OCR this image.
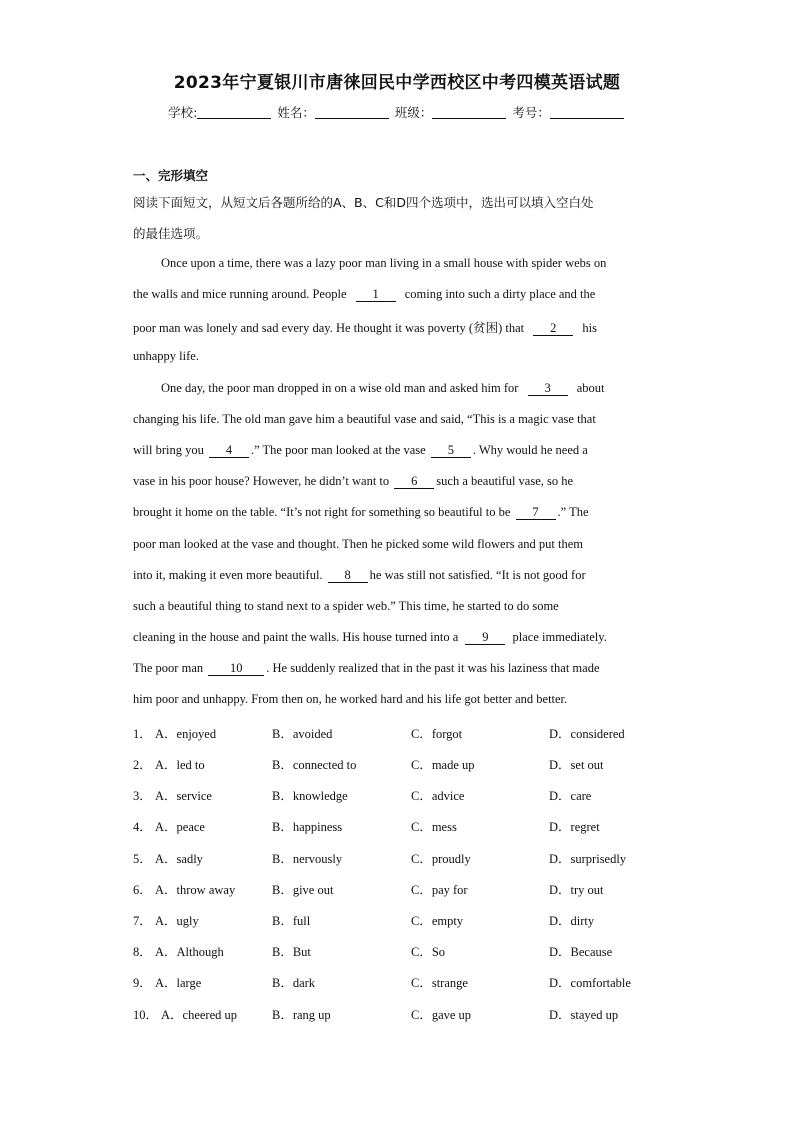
2023年宁夏银川市唐徕回民中学西校区中考四模英语试题
学校:	姓名：	班级：	考号：
一、完形填空
阅读下面短文，从短文后各题所给的A、B、C和D四个选项中，选出可以填入空白处
的最佳选项。
Once upon a time, there was a lazy poor man living in a small house with spider webs on
the walls and mice running around. People 1 coming into such a dirty place and the
poor man was lonely and sad every day. He thought it was poverty (贫困) that 2 his
unhappy life.
One day, the poor man dropped in on a wise old man and asked him for 3 about
changing his life. The old man gave him a beautiful vase and said, “This is a magic vase that
will bring you 4 .” The poor man looked at the vase 5 . Why would he need a
vase in his poor house? However, he didn’t want to 6 such a beautiful vase, so he
brought it home on the table. “It’s not right for something so beautiful to be 7 .” The
poor man looked at the vase and thought. Then he picked some wild flowers and put them
into it, making it even more beautiful. 8 he was still not satisfied. “It is not good for
such a beautiful thing to stand next to a spider web.” This time, he started to do some
cleaning in the house and paint the walls. His house turned into a 9 place immediately.
The poor man 10 . He suddenly realized that in the past it was his laziness that made
him poor and unhappy. From then on, he worked hard and his life got better and better.
1． A．enjoyed	B．avoided	C．forgot	D．considered
2． A．led to	B．connected to	C．made up	D．set out
3． A．service	B．knowledge	C．advice	D．care
4． A．peace	B．happiness	C．mess	D．regret
5． A．sadly	B．nervously	C．proudly	D．surprisedly
6． A．throw away	B．give out	C．pay for	D．try out
7． A．ugly	B．full	C．empty	D．dirty
8． A．Although	B．But	C．So	D．Because
9． A．large	B．dark	C．strange	D．comfortable
10． A．cheered up	B．rang up	C．gave up	D．stayed up
